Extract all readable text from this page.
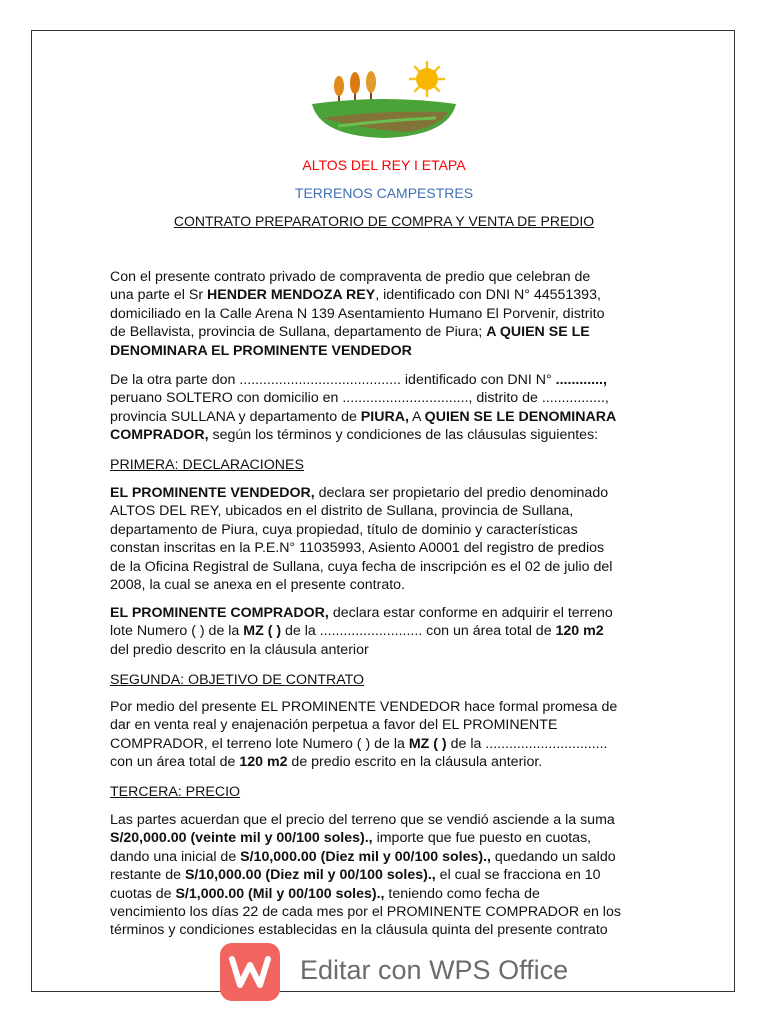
ALTOS DEL REY I ETAPA
TERRENOS CAMPESTRES
CONTRATO PREPARATORIO DE COMPRA Y VENTA DE PREDIO

Con el presente contrato privado de compraventa de predio que celebran de

una parte el Sr HENDER MENDOZA REY, identificado con DNI N° 44551393,

domiciliado en la Calle Arena N 139 Asentamiento Humano El Porvenir, distrito

de Bellavista, provincia de Sullana, departamento de Piura; A QUIEN SE LE

DENOMINARA EL PROMINENTE VENDEDOR

De la otra parte don ......................................... identificado con DNI N° ............,

peruano SOLTERO con domicilio en ................................, distrito de ................,

provincia SULLANA y departamento de PIURA, A QUIEN SE LE DENOMINARA

COMPRADOR, según los términos y condiciones de las cláusulas siguientes:

PRIMERA: DECLARACIONES

EL PROMINENTE VENDEDOR, declara ser propietario del predio denominado

ALTOS DEL REY, ubicados en el distrito de Sullana, provincia de Sullana,

departamento de Piura, cuya propiedad, título de dominio y características

constan inscritas en la P.E.N° 11035993, Asiento A0001 del registro de predios

de la Oficina Registral de Sullana, cuya fecha de inscripción es el 02 de julio del

2008, la cual se anexa en el presente contrato.

EL PROMINENTE COMPRADOR, declara estar conforme en adquirir el terreno

lote Numero ( ) de la MZ ( ) de la .......................... con un área total de 120 m2

del predio descrito en la cláusula anterior

SEGUNDA: OBJETIVO DE CONTRATO

Por medio del presente EL PROMINENTE VENDEDOR hace formal promesa de

dar en venta real y enajenación perpetua a favor del EL PROMINENTE

COMPRADOR, el terreno lote Numero ( ) de la MZ ( ) de la ...............................

con un área total de 120 m2 de predio escrito en la cláusula anterior.

TERCERA: PRECIO

Las partes acuerdan que el precio del terreno que se vendió asciende a la suma

S/20,000.00 (veinte mil y 00/100 soles)., importe que fue puesto en cuotas,

dando una inicial de S/10,000.00 (Diez mil y 00/100 soles)., quedando un saldo

restante de S/10,000.00 (Diez mil y 00/100 soles)., el cual se fracciona en 10

cuotas de S/1,000.00 (Mil y 00/100 soles)., teniendo como fecha de

vencimiento los días 22 de cada mes por el PROMINENTE COMPRADOR en los

términos y condiciones establecidas en la cláusula quinta del presente contrato

Editar con WPS Office
